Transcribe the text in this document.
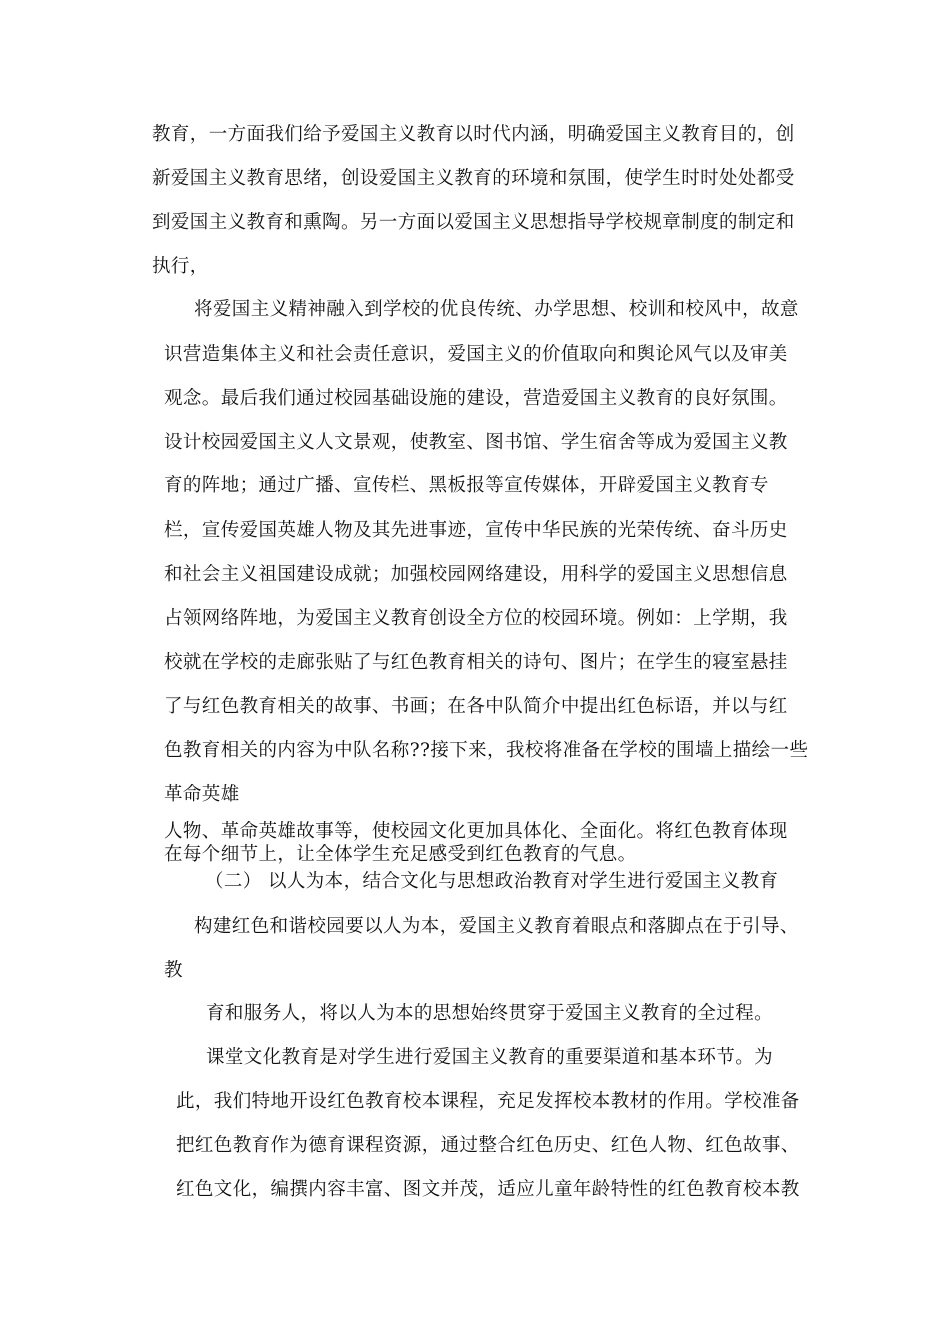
教育，一方面我们给予爱国主义教育以时代内涵，明确爱国主义教育目的，创

新爱国主义教育思绪，创设爱国主义教育的环境和氛围，使学生时时处处都受

到爱国主义教育和熏陶。另一方面以爱国主义思想指导学校规章制度的制定和

执行，

将爱国主义精神融入到学校的优良传统、办学思想、校训和校风中，故意

识营造集体主义和社会责任意识，爱国主义的价值取向和舆论风气以及审美

观念。最后我们通过校园基础设施的建设，营造爱国主义教育的良好氛围。

设计校园爱国主义人文景观，使教室、图书馆、学生宿舍等成为爱国主义教

育的阵地；通过广播、宣传栏、黑板报等宣传媒体，开辟爱国主义教育专

栏，宣传爱国英雄人物及其先进事迹，宣传中华民族的光荣传统、奋斗历史

和社会主义祖国建设成就；加强校园网络建设，用科学的爱国主义思想信息

占领网络阵地，为爱国主义教育创设全方位的校园环境。例如：上学期，我

校就在学校的走廊张贴了与红色教育相关的诗句、图片；在学生的寝室悬挂

了与红色教育相关的故事、书画；在各中队简介中提出红色标语，并以与红

色教育相关的内容为中队名称??接下来，我校将准备在学校的围墙上描绘一些

革命英雄

人物、革命英雄故事等，使校园文化更加具体化、全面化。将红色教育体现

在每个细节上，让全体学生充足感受到红色教育的气息。

（二） 以人为本，结合文化与思想政治教育对学生进行爱国主义教育

构建红色和谐校园要以人为本，爱国主义教育着眼点和落脚点在于引导、

教

育和服务人，将以人为本的思想始终贯穿于爱国主义教育的全过程。

课堂文化教育是对学生进行爱国主义教育的重要渠道和基本环节。为

此，我们特地开设红色教育校本课程，充足发挥校本教材的作用。学校准备

把红色教育作为德育课程资源，通过整合红色历史、红色人物、红色故事、

红色文化，编撰内容丰富、图文并茂，适应儿童年龄特性的红色教育校本教
